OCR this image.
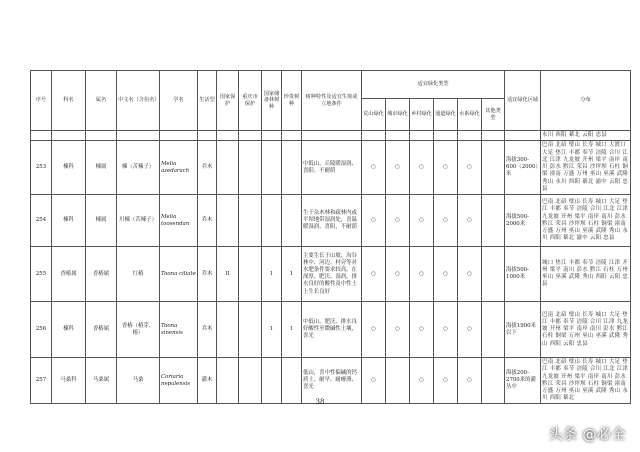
序号	科名	属名	中文名（含俗名）	学名	生活型	国家保护	重庆市保护	国家储备林树种	珍贵树种	树种特性及适宜生境或立地条件	适宜绿化类型						适宜绿化区域	分布
											荒山绿化	城市绿化	乡村绿化	通道绿化	水系绿化	其他类型		
																		永川 西阳 綦北 云阳 忠县
253	楝科	楝属	楝（苦楝子）	Melia azedarach	乔木					中低山、丘陵暖湿润、喜阳、不耐荫	○	○	○	○	○		海拔300-600（2000）米	巴南 北碚 璧山 长寿 城口 大渡口 大足 垫江 丰都 奉节 涪陵 合川 江北 江津 九龙坡 开州 梁平 南岸 南川 彭水 黔江 荣昌 沙坪坝 石柱 铜梁 潼南 万盛 万州 巫山 巫溪 武隆 秀山 永川 西阳 綦北 渝中 云阳 忠县
254	楝科	楝属	川楝（苦楝子）	Melia toosendan	乔木					生于杂木林和疏林内或平坝地带湿润处，喜温暖湿润、喜阳，不耐荫	○	○	○	○	○		海拔500-2000米	巴南 北碚 璧山 长寿 城口 大足 垫江 丰都 奉节 涪陵 合川 江北 江津 九龙坡 开州 梁平 南岸 南川 彭水 黔江 荣昌 沙坪坝 石柱 铜梁 潼南 万盛 万州 巫山 巫溪 武隆 秀山 永川 西阳 綦北 渝中 云阳 忠县
255	香椿属	香椿属	红椿	Toona ciliate	乔木	II		1	1	主要生长于山坡、沟谷林中、河边、村旁等对水肥条件要求较高，在深厚、肥沃、湿润、排水良好的酸性及中性土上生长良好	○	○	○	○	○		海拔500-1000米	城口 垫江 丰都 奉节 涪陵 江津 开州 梁平 南川 彭水 黔江 石柱 万州 巫山 巫溪 武隆 秀山 西阳 云阳 忠县
256	楝科	香椿属	香椿（椿芽、椿）	Toona sinensis	乔木			1	1	中低山、肥沃、排水良好酸性至微碱性土壤，喜光	○	○	○	○	○		海拔1900米以下	巴南 北碚 璧山 长寿 城口 大足 垫江 丰都 奉节 涪陵 合川 江津 九龙坡 开州 梁平 南岸 南川 彭水 黔江 石柱 铜梁 万州 巫山 巫溪 武隆 秀山 西阳 云阳 忠县
257	马桑科	马桑属	马桑	Coriaria nepalensis	灌木					低山，喜中性偏碱的钙质土、耐旱、耐瘠薄、喜光	○		○	○	○		海拔200-2700米的灌丛中	巴南 北碚 璧山 长寿 城口 大足 垫江 丰都 奉节 涪陵 合川 江北 江津 九龙坡 开州 梁平 南岸 南川 彭水 黔江 荣昌 沙坪坝 石柱 铜梁 潼南 万盛 万州 巫山 巫溪 武隆 秀山 永川 西阳 綦北
38
头条 @必全
